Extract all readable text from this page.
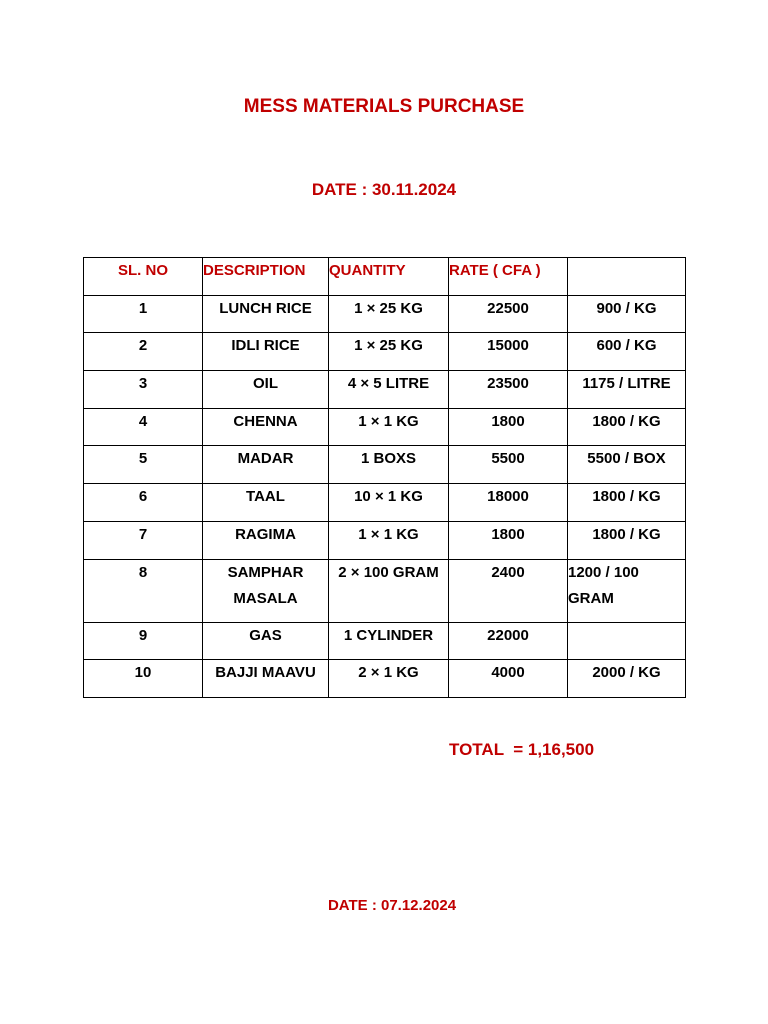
MESS MATERIALS PURCHASE
DATE : 30.11.2024
SL. NO	DESCRIPTION	QUANTITY	RATE ( CFA )	
1	LUNCH RICE	1 × 25 KG	22500	900 / KG
2	IDLI RICE	1 × 25 KG	15000	600 / KG
3	OIL	4 × 5 LITRE	23500	1175 / LITRE
4	CHENNA	1 × 1 KG	1800	1800 / KG
5	MADAR	1 BOXS	5500	5500 / BOX
6	TAAL	10 × 1 KG	18000	1800 / KG
7	RAGIMA	1 × 1 KG	1800	1800 / KG
8	SAMPHAR MASALA	2 × 100 GRAM	2400	1200 / 100 GRAM
9	GAS	1 CYLINDER	22000	
10	BAJJI MAAVU	2 × 1 KG	4000	2000 / KG
TOTAL  = 1,16,500
DATE : 07.12.2024
